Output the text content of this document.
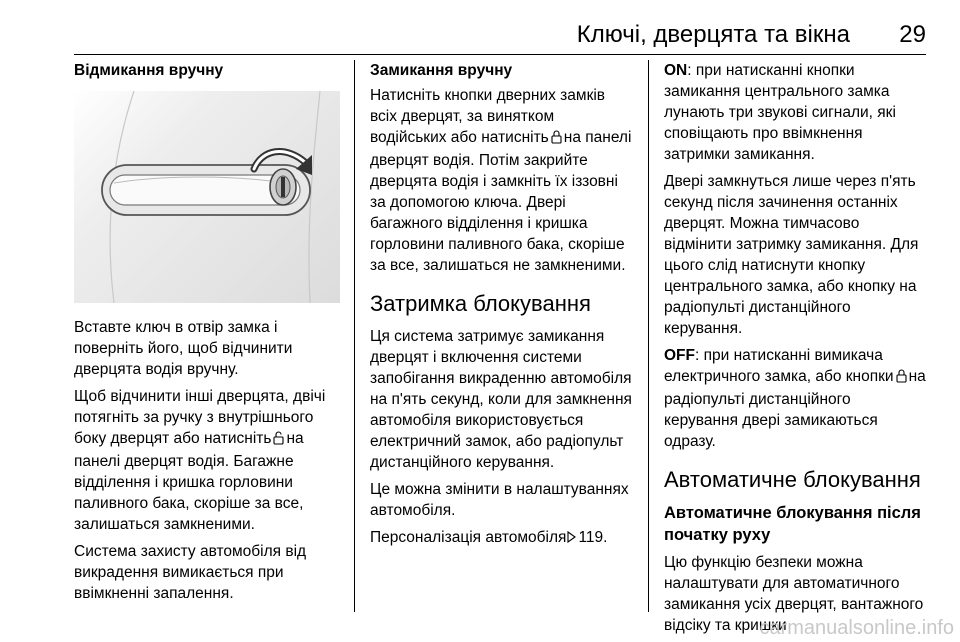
Ключі, дверцята та вікна 29
Відмикання вручну

Вставте ключ в отвір замка і поверніть його, щоб відчинити дверцята водія вручну.

Щоб відчинити інші дверцята, двічі потягніть за ручку з внутрішнього боку дверцят або натисніть на панелі дверцят водія. Багажне відділення і кришка горловини паливного бака, скоріше за все, залишаться замкненими.

Система захисту автомобіля від викрадення вимикається при ввімкненні запалення.

Замикання вручну

Натисніть кнопки дверних замків всіх дверцят, за винятком водійських або натисніть на панелі дверцят водія. Потім закрийте дверцята водія і замкніть їх іззовні за допомогою ключа. Двері багажного відділення і кришка горловини паливного бака, скоріше за все, залишаться не замкненими.

Затримка блокування

Ця система затримує замикання дверцят і включення системи запобігання викраденню автомобіля на п'ять секунд, коли для замкнення автомобіля використовується електричний замок, або радіопульт дистанційного керування.

Це можна змінити в налаштуваннях автомобіля.

Персоналізація автомобіля 119.

ON: при натисканні кнопки замикання центрального замка лунають три звукові сигнали, які сповіщають про ввімкнення затримки замикання.

Двері замкнуться лише через п'ять секунд після зачинення останніх дверцят. Можна тимчасово відмінити затримку замикання. Для цього слід натиснути кнопку центрального замка, або кнопку на радіопульті дистанційного керування.

OFF: при натисканні вимикача електричного замка, або кнопки на радіопульті дистанційного керування двері замикаються одразу.

Автоматичне блокування
Автоматичне блокування після початку руху

Цю функцію безпеки можна налаштувати для автоматичного замикання усіх дверцят, вантажного відсіку та кришки

carmanualsonline.info
